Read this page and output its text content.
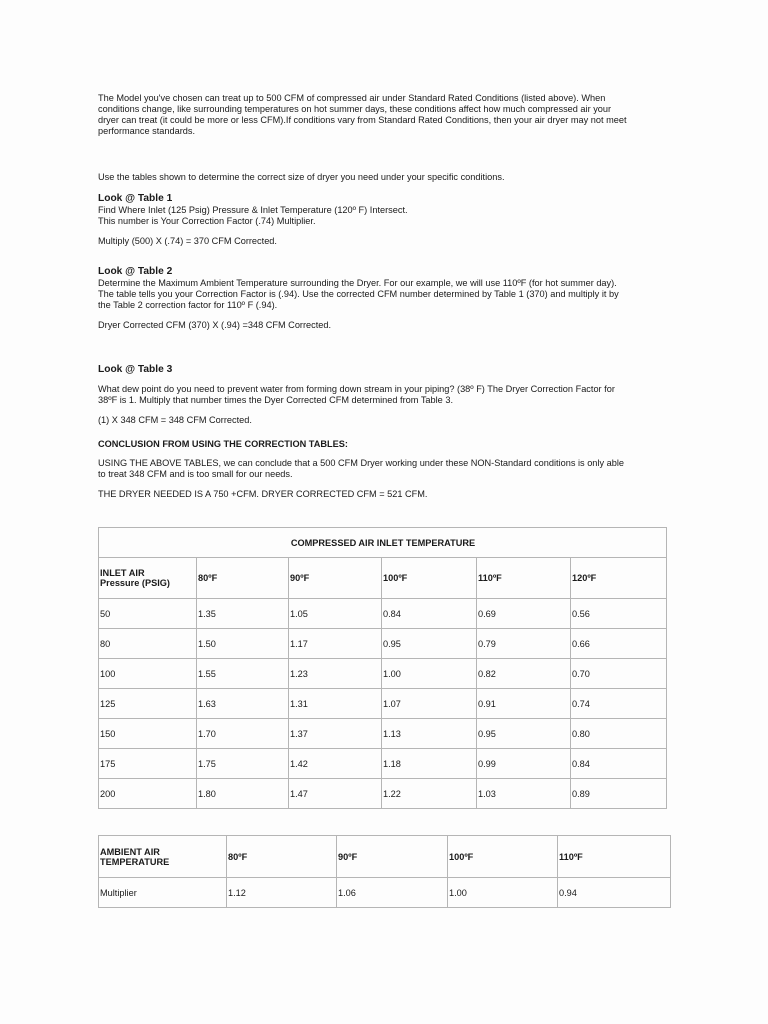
The Model you've chosen can treat up to 500 CFM of compressed air under Standard Rated Conditions (listed above). When
conditions change, like surrounding temperatures on hot summer days, these conditions affect how much compressed air your
dryer can treat (it could be more or less CFM).If conditions vary from Standard Rated Conditions, then your air dryer may not meet
performance standards.

Use the tables shown to determine the correct size of dryer you need under your specific conditions.

Look @ Table 1

Find Where Inlet (125 Psig) Pressure & Inlet Temperature (120º F) Intersect.
This number is Your Correction Factor (.74) Multiplier.

Multiply (500) X (.74) = 370 CFM Corrected.

Look @ Table 2

Determine the Maximum Ambient Temperature surrounding the Dryer. For our example, we will use 110ºF (for hot summer day).
The table tells you your Correction Factor is (.94). Use the corrected CFM number determined by Table 1 (370) and multiply it by
the Table 2 correction factor for 110º F (.94).

Dryer Corrected CFM (370) X (.94) =348 CFM Corrected.

Look @ Table 3

What dew point do you need to prevent water from forming down stream in your piping? (38º F) The Dryer Correction Factor for
38ºF is 1. Multiply that number times the Dyer Corrected CFM determined from Table 3.

(1) X 348 CFM = 348 CFM Corrected.

CONCLUSION FROM USING THE CORRECTION TABLES:

USING THE ABOVE TABLES, we can conclude that a 500 CFM Dryer working under these NON-Standard conditions is only able
to treat 348 CFM and is too small for our needs.

THE DRYER NEEDED IS A 750 +CFM. DRYER CORRECTED CFM = 521 CFM.

COMPRESSED AIR INLET TEMPERATURE					
INLET AIR
Pressure (PSIG)	80ºF	90ºF	100ºF	110ºF	120ºF
50	1.35	1.05	0.84	0.69	0.56
80	1.50	1.17	0.95	0.79	0.66
100	1.55	1.23	1.00	0.82	0.70
125	1.63	1.31	1.07	0.91	0.74
150	1.70	1.37	1.13	0.95	0.80
175	1.75	1.42	1.18	0.99	0.84
200	1.80	1.47	1.22	1.03	0.89
AMBIENT AIR
TEMPERATURE	80ºF	90ºF	100ºF	110ºF
Multiplier	1.12	1.06	1.00	0.94
